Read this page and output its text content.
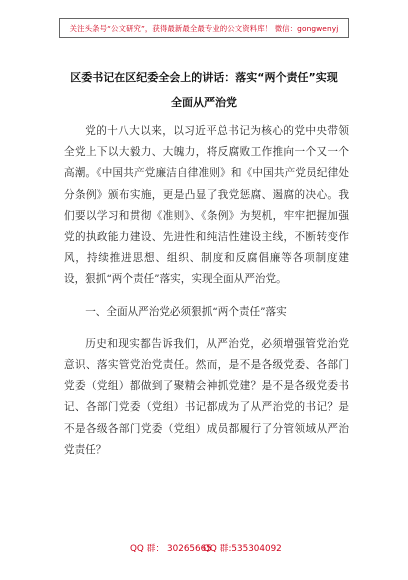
关注头条号“公文研究”，获得最新最全最专业的公文资料库！ 微信：gongwenyj
区委书记在区纪委全会上的讲话：落实“两个责任”实现
全面从严治党

党的十八大以来，以习近平总书记为核心的党中央带领全党上下以大毅力、大魄力，将反腐败工作推向一个又一个高潮。《中国共产党廉洁自律准则》和《中国共产党员纪律处分条例》颁布实施，更是凸显了我党惩腐、遏腐的决心。我们要以学习和贯彻《准则》、《条例》为契机，牢牢把握加强党的执政能力建设、先进性和纯洁性建设主线，不断转变作风，持续推进思想、组织、制度和反腐倡廉等各项制度建设，狠抓“两个责任”落实，实现全面从严治党。

一、全面从严治党必须狠抓“两个责任”落实

历史和现实都告诉我们，从严治党，必须增强管党治党意识、落实管党治党责任。然而，是不是各级党委、各部门党委（党组）都做到了聚精会神抓党建？是不是各级党委书记、各部门党委（党组）书记都成为了从严治党的书记？是不是各级各部门党委（党组）成员都履行了分管领域从严治党责任？

QQ 群： 30265665
QQ 群:535304092
